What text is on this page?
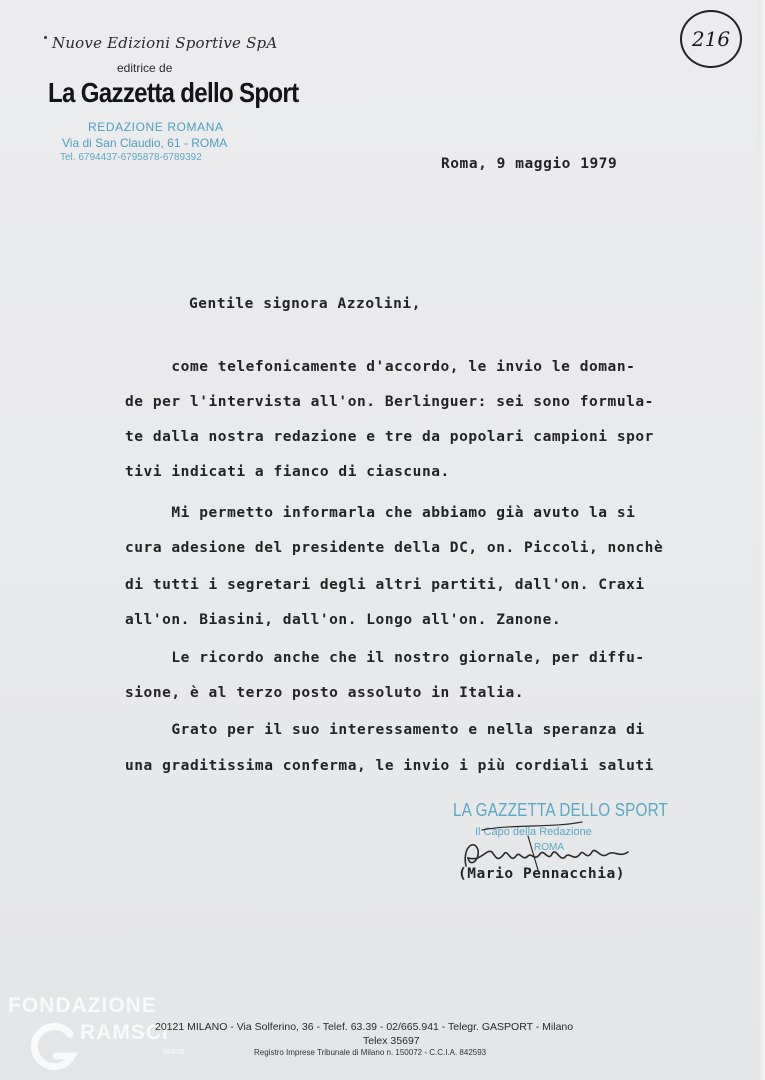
Nuove Edizioni Sportive SpA
editrice de
La Gazzetta dello Sport
REDAZIONE ROMANA
Via di San Claudio, 61 - ROMA
Tel. 6794437-6795878-6789392
216
Roma, 9 maggio 1979
Gentile signora Azzolini,
come telefonicamente d'accordo, le invio le doman-
de per l'intervista all'on. Berlinguer: sei sono formula-
te dalla nostra redazione e tre da popolari campioni spor
tivi indicati a fianco di ciascuna.
Mi permetto informarla che abbiamo già avuto la si
cura adesione del presidente della DC, on. Piccoli, nonchè
di tutti i segretari degli altri partiti, dall'on. Craxi
all'on. Biasini, dall'on. Longo all'on. Zanone.
Le ricordo anche che il nostro giornale, per diffu-
sione, è al terzo posto assoluto in Italia.
Grato per il suo interessamento e nella speranza di
una graditissima conferma, le invio i più cordiali saluti
LA GAZZETTA DELLO SPORT
Il Capo della Redazione
ROMA
(Mario Pennacchia)
FONDAZIONE
RAMSCI
onlus
20121 MILANO - Via Solferino, 36 - Telef. 63.39 - 02/665.941 - Telegr. GASPORT - Milano
Telex 35697
Registro Imprese Tribunale di Milano n. 150072 - C.C.I.A. 842593
